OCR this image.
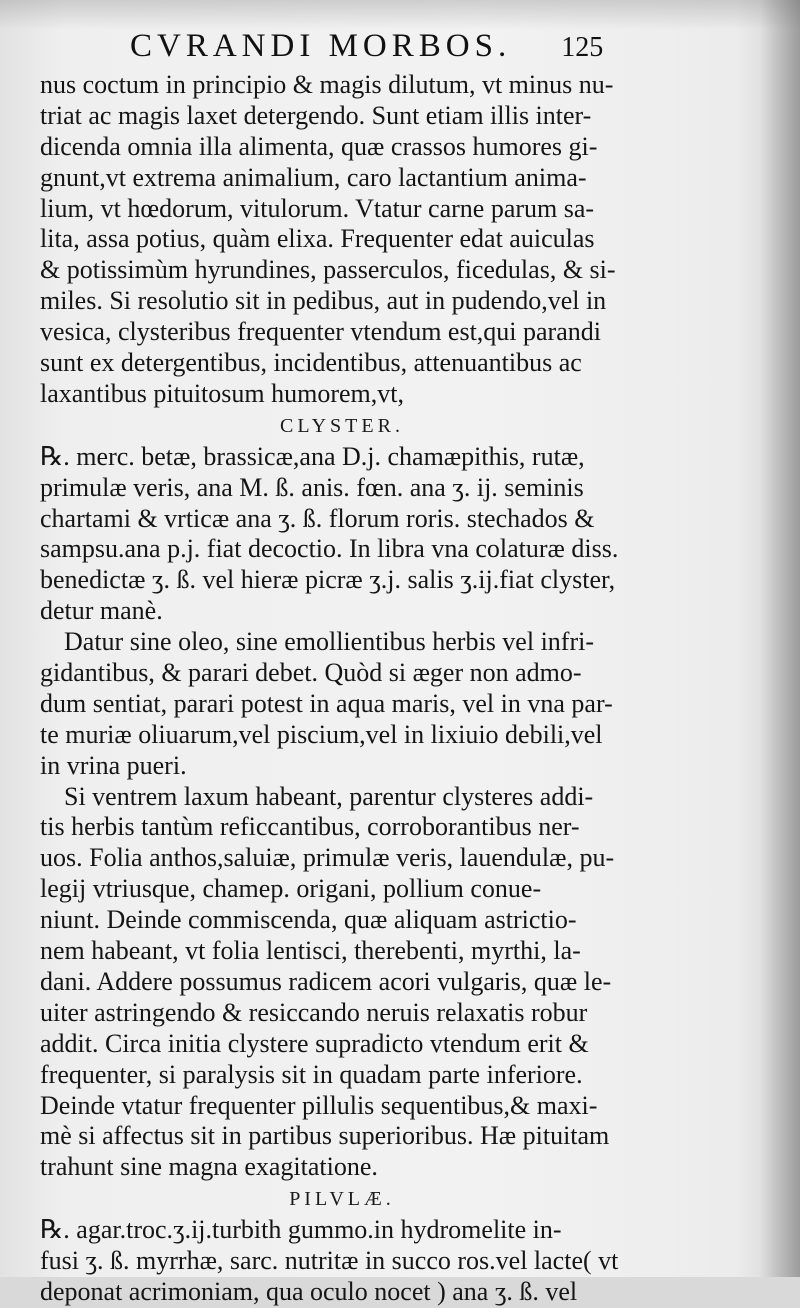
CVRANDI MORBOS. 125
nus coctum in principio & magis dilutum, vt minus nu-
triat ac magis laxet detergendo. Sunt etiam illis inter-
dicenda omnia illa alimenta, quæ crassos humores gi-
gnunt,vt extrema animalium, caro lactantium anima-
lium, vt hœdorum, vitulorum. Vtatur carne parum sa-
lita, assa potius, quàm elixa. Frequenter edat auiculas
& potissimùm hyrundines, passerculos, ficedulas, & si-
miles. Si resolutio sit in pedibus, aut in pudendo,vel in
vesica, clysteribus frequenter vtendum est,qui parandi
sunt ex detergentibus, incidentibus, attenuantibus ac
laxantibus pituitosum humorem,vt,
CLYSTER.
℞. merc. betæ, brassicæ,ana D.j. chamæpithis, rutæ,
primulæ veris, ana M. ß. anis. fœn. ana ʒ. ij. seminis
chartami & vrticæ ana ʒ. ß. florum roris. stechados &
sampsu.ana p.j. fiat decoctio. In libra vna colaturæ diss.
benedictæ ʒ. ß. vel hieræ picræ ʒ.j. salis ʒ.ij.fiat clyster,
detur manè.
Datur sine oleo, sine emollientibus herbis vel infri-
gidantibus, & parari debet. Quòd si æger non admo-
dum sentiat, parari potest in aqua maris, vel in vna par-
te muriæ oliuarum,vel piscium,vel in lixiuio debili,vel
in vrina pueri.
Si ventrem laxum habeant, parentur clysteres addi-
tis herbis tantùm reficcantibus, corroborantibus ner-
uos. Folia anthos,saluiæ, primulæ veris, lauendulæ, pu-
legij vtriusque, chamep. origani, pollium conue-
niunt. Deinde commiscenda, quæ aliquam astrictio-
nem habeant, vt folia lentisci, therebenti, myrthi, la-
dani. Addere possumus radicem acori vulgaris, quæ le-
uiter astringendo & resiccando neruis relaxatis robur
addit. Circa initia clystere supradicto vtendum erit &
frequenter, si paralysis sit in quadam parte inferiore.
Deinde vtatur frequenter pillulis sequentibus,& maxi-
mè si affectus sit in partibus superioribus. Hæ pituitam
trahunt sine magna exagitatione.
PILVLÆ.
℞. agar.troc.ʒ.ij.turbith gummo.in hydromelite in-
fusi ʒ. ß. myrrhæ, sarc. nutritæ in succo ros.vel lacte( vt
deponat acrimoniam, qua oculo nocet ) ana ʒ. ß. vel
